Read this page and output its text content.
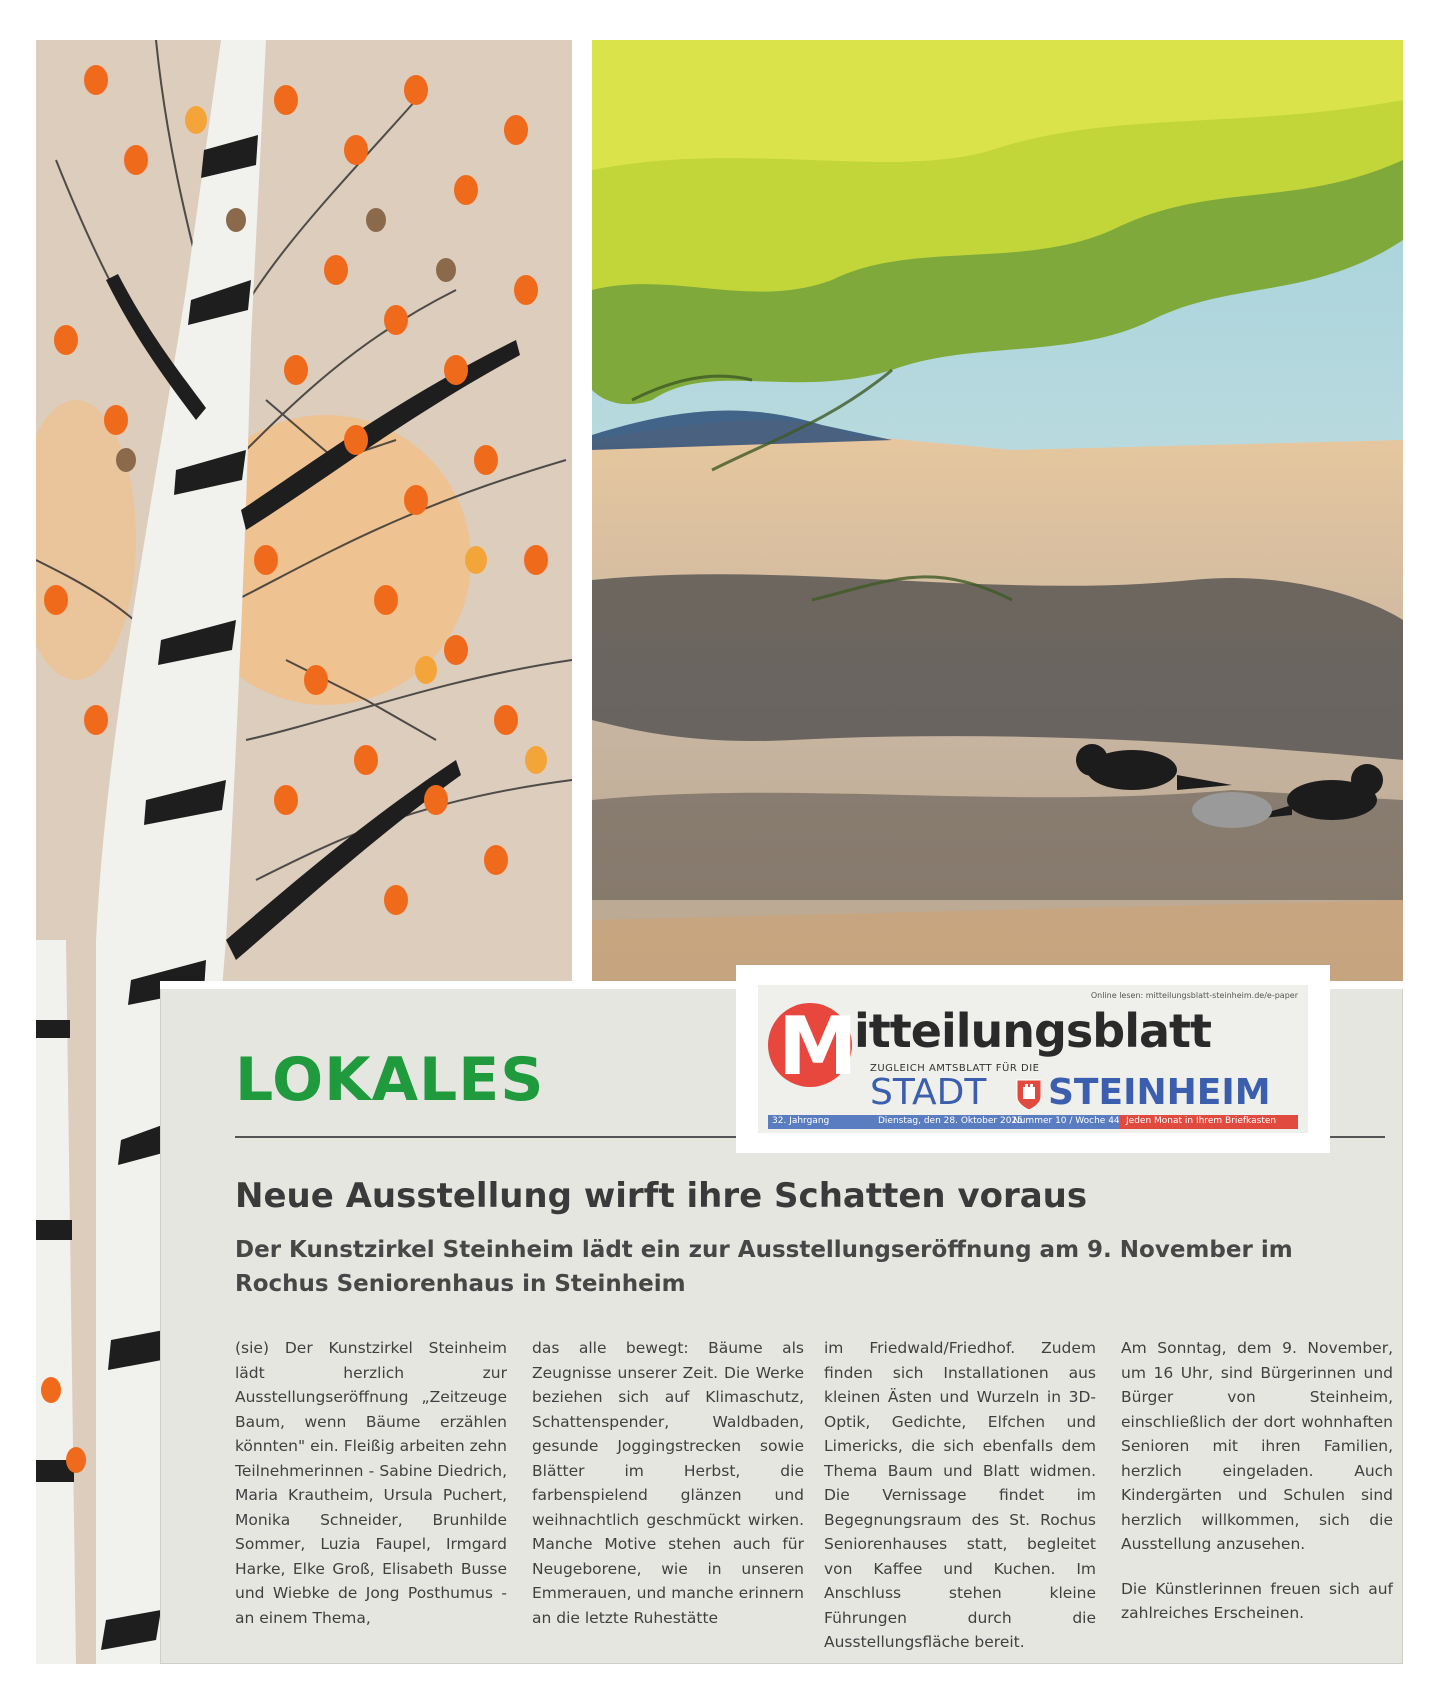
LOKALES
Neue Ausstellung wirft ihre Schatten voraus
Der Kunstzirkel Steinheim lädt ein zur Ausstellungseröffnung am 9. November im Rochus Seniorenhaus in Steinheim

(sie) Der Kunstzirkel Steinheim lädt herzlich zur Ausstellungseröffnung „Zeitzeuge Baum, wenn Bäume erzählen könnten" ein. Fleißig arbeiten zehn Teilnehmerinnen - Sabine Diedrich, Maria Krautheim, Ursula Puchert, Monika Schneider, Brunhilde Sommer, Luzia Faupel, Irmgard Harke, Elke Groß, Elisabeth Busse und Wiebke de Jong Posthumus - an einem Thema,

das alle bewegt: Bäume als Zeugnisse unserer Zeit. Die Werke beziehen sich auf Klimaschutz, Schattenspender, Waldbaden, gesunde Joggingstrecken sowie Blätter im Herbst, die farbenspielend glänzen und weihnachtlich geschmückt wirken. Manche Motive stehen auch für Neugeborene, wie in unseren Emmerauen, und manche erinnern an die letzte Ruhestätte

im Friedwald/Friedhof. Zudem finden sich Installationen aus kleinen Ästen und Wurzeln in 3D-Optik, Gedichte, Elfchen und Limericks, die sich ebenfalls dem Thema Baum und Blatt widmen. Die Vernissage findet im Begegnungsraum des St. Rochus Seniorenhauses statt, begleitet von Kaffee und Kuchen. Im Anschluss stehen kleine Führungen durch die Ausstellungsfläche bereit.

Am Sonntag, dem 9. November, um 16 Uhr, sind Bürgerinnen und Bürger von Steinheim, einschließlich der dort wohnhaften Senioren mit ihren Familien, herzlich eingeladen. Auch Kindergärten und Schulen sind herzlich willkommen, sich die Ausstellung anzusehen.

Die Künstlerinnen freuen sich auf zahlreiches Erscheinen.

Online lesen: mitteilungsblatt-steinheim.de/e-paper
M
itteilungsblatt
ZUGLEICH AMTSBLATT FÜR DIE
STADT STEINHEIM
32. Jahrgang	Dienstag, den 28. Oktober 2025
Nummer 10 / Woche 44 Jeden Monat in Ihrem Briefkasten
